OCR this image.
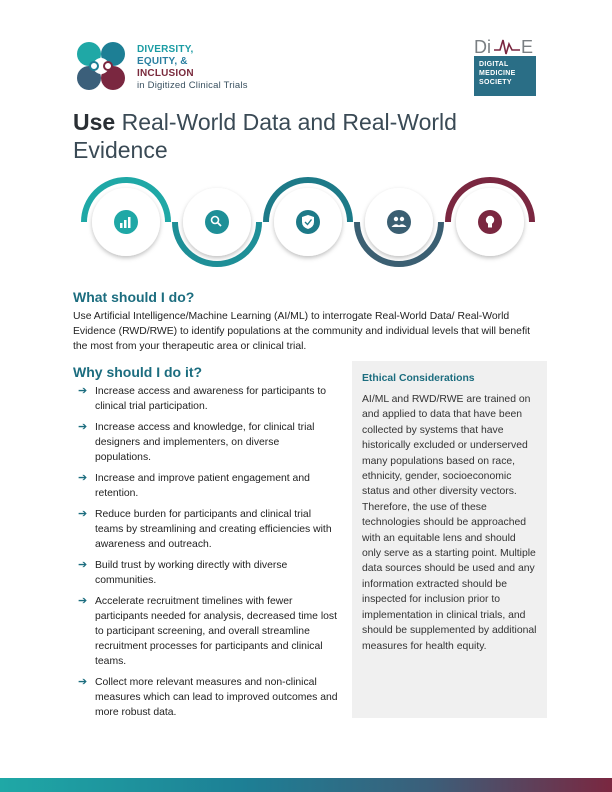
DIVERSITY,
EQUITY, &
INCLUSION
in Digitized Clinical Trials
Di E
DIGITAL
MEDICINE
SOCIETY
Use Real-World Data and Real-World Evidence
What should I do?

Use Artificial Intelligence/Machine Learning (AI/ML) to interrogate Real-World Data/ Real-World Evidence (RWD/RWE) to identify populations at the community and individual levels that will benefit the most from your therapeutic area or clinical trial.

Why should I do it?
➔ Increase access and awareness for participants to clinical trial participation.
➔ Increase access and knowledge, for clinical trial designers and implementers, on diverse populations.
➔ Increase and improve patient engagement and retention.
➔ Reduce burden for participants and clinical trial teams by streamlining and creating efficiencies with awareness and outreach.
➔ Build trust by working directly with diverse communities.
➔ Accelerate recruitment timelines with fewer participants needed for analysis, decreased time lost to participant screening, and overall streamline recruitment processes for participants and clinical teams.
➔ Collect more relevant measures and non-clinical measures which can lead to improved outcomes and more robust data.
Ethical Considerations

AI/ML and RWD/RWE are trained on and applied to data that have been collected by systems that have historically excluded or underserved many populations based on race, ethnicity, gender, socioeconomic status and other diversity vectors. Therefore, the use of these technologies should be approached with an equitable lens and should only serve as a starting point. Multiple data sources should be used and any information extracted should be inspected for inclusion prior to implementation in clinical trials, and should be supplemented by additional measures for health equity.
